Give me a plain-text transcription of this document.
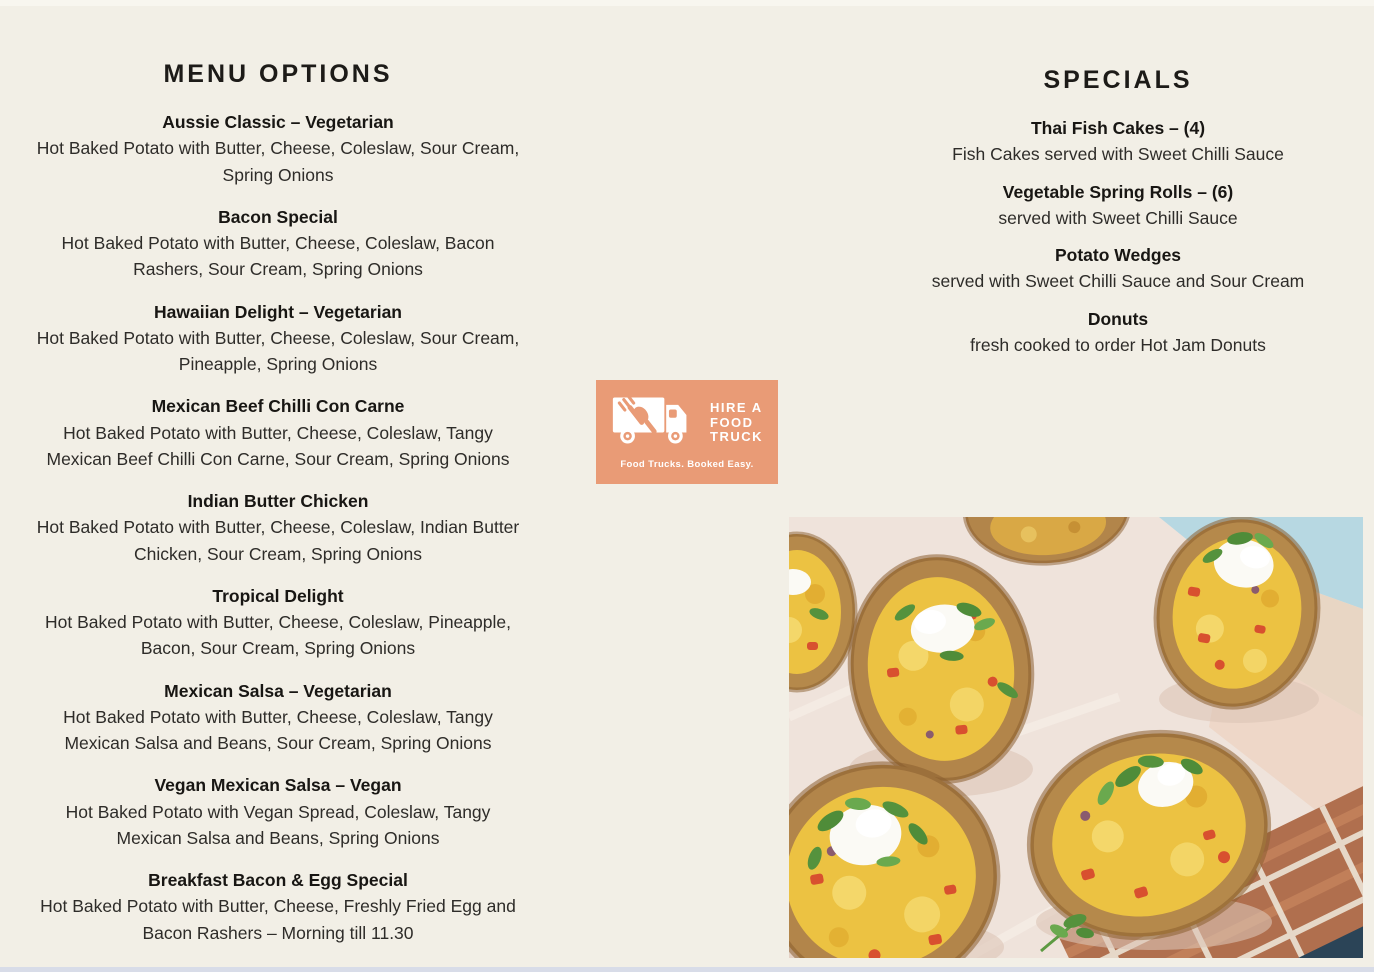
MENU OPTIONS
Aussie Classic – Vegetarian
Hot Baked Potato with Butter, Cheese, Coleslaw, Sour Cream, Spring Onions
Bacon Special
Hot Baked Potato with Butter, Cheese, Coleslaw, Bacon Rashers, Sour Cream, Spring Onions
Hawaiian Delight – Vegetarian
Hot Baked Potato with Butter, Cheese, Coleslaw, Sour Cream, Pineapple, Spring Onions
Mexican Beef Chilli Con Carne
Hot Baked Potato with Butter, Cheese, Coleslaw, Tangy Mexican Beef Chilli Con Carne, Sour Cream, Spring Onions
Indian Butter Chicken
Hot Baked Potato with Butter, Cheese, Coleslaw, Indian Butter Chicken, Sour Cream, Spring Onions
Tropical Delight
Hot Baked Potato with Butter, Cheese, Coleslaw, Pineapple, Bacon, Sour Cream, Spring Onions
Mexican Salsa – Vegetarian
Hot Baked Potato with Butter, Cheese, Coleslaw, Tangy Mexican Salsa and Beans, Sour Cream, Spring Onions
Vegan Mexican Salsa – Vegan
Hot Baked Potato with Vegan Spread, Coleslaw, Tangy Mexican Salsa and Beans, Spring Onions
Breakfast Bacon & Egg Special
Hot Baked Potato with Butter, Cheese, Freshly Fried Egg and Bacon Rashers – Morning till 11.30
SPECIALS
Thai Fish Cakes – (4)
Fish Cakes served with Sweet Chilli Sauce
Vegetable Spring Rolls – (6)
served with Sweet Chilli Sauce
Potato Wedges
served with Sweet Chilli Sauce and Sour Cream
Donuts
fresh cooked to order Hot Jam Donuts
HIRE A
FOOD
TRUCK
Food Trucks. Booked Easy.
